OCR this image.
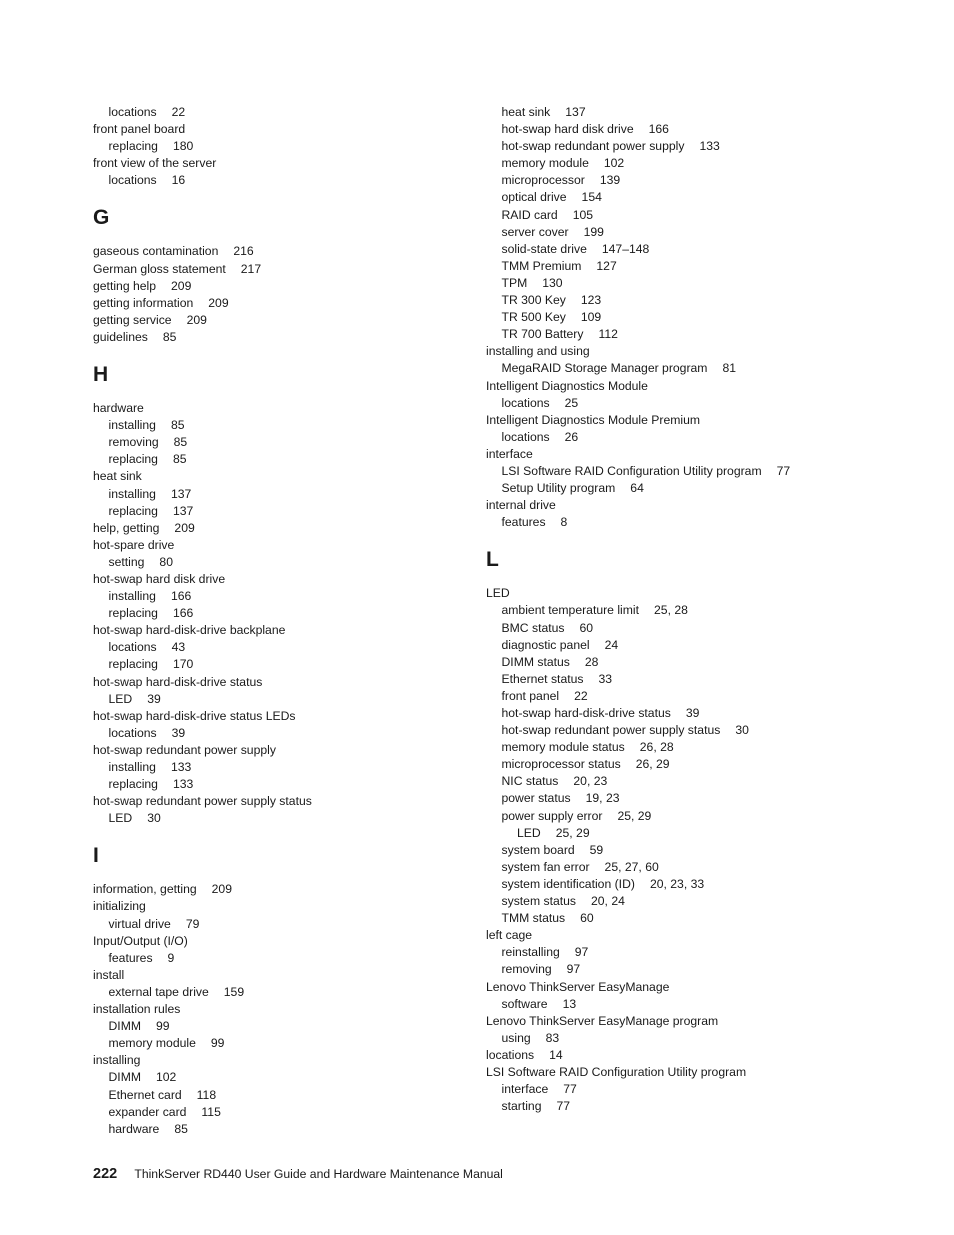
locations 22
front panel board
replacing 180
front view of the server
locations 16
G
gaseous contamination 216
German gloss statement 217
getting help 209
getting information 209
getting service 209
guidelines 85
H
hardware
installing 85
removing 85
replacing 85
heat sink
installing 137
replacing 137
help, getting 209
hot-spare drive
setting 80
hot-swap hard disk drive
installing 166
replacing 166
hot-swap hard-disk-drive backplane
locations 43
replacing 170
hot-swap hard-disk-drive status
LED 39
hot-swap hard-disk-drive status LEDs
locations 39
hot-swap redundant power supply
installing 133
replacing 133
hot-swap redundant power supply status
LED 30
I
information, getting 209
initializing
virtual drive 79
Input/Output (I/O)
features 9
install
external tape drive 159
installation rules
DIMM 99
memory module 99
installing
DIMM 102
Ethernet card 118
expander card 115
hardware 85
heat sink 137
hot-swap hard disk drive 166
hot-swap redundant power supply 133
memory module 102
microprocessor 139
optical drive 154
RAID card 105
server cover 199
solid-state drive 147–148
TMM Premium 127
TPM 130
TR 300 Key 123
TR 500 Key 109
TR 700 Battery 112
installing and using
MegaRAID Storage Manager program 81
Intelligent Diagnostics Module
locations 25
Intelligent Diagnostics Module Premium
locations 26
interface
LSI Software RAID Configuration Utility program 77
Setup Utility program 64
internal drive
features 8
L
LED
ambient temperature limit 25, 28
BMC status 60
diagnostic panel 24
DIMM status 28
Ethernet status 33
front panel 22
hot-swap hard-disk-drive status 39
hot-swap redundant power supply status 30
memory module status 26, 28
microprocessor status 26, 29
NIC status 20, 23
power status 19, 23
power supply error 25, 29
LED 25, 29
system board 59
system fan error 25, 27, 60
system identification (ID) 20, 23, 33
system status 20, 24
TMM status 60
left cage
reinstalling 97
removing 97
Lenovo ThinkServer EasyManage
software 13
Lenovo ThinkServer EasyManage program
using 83
locations 14
LSI Software RAID Configuration Utility program
interface 77
starting 77
222 ThinkServer RD440 User Guide and Hardware Maintenance Manual
